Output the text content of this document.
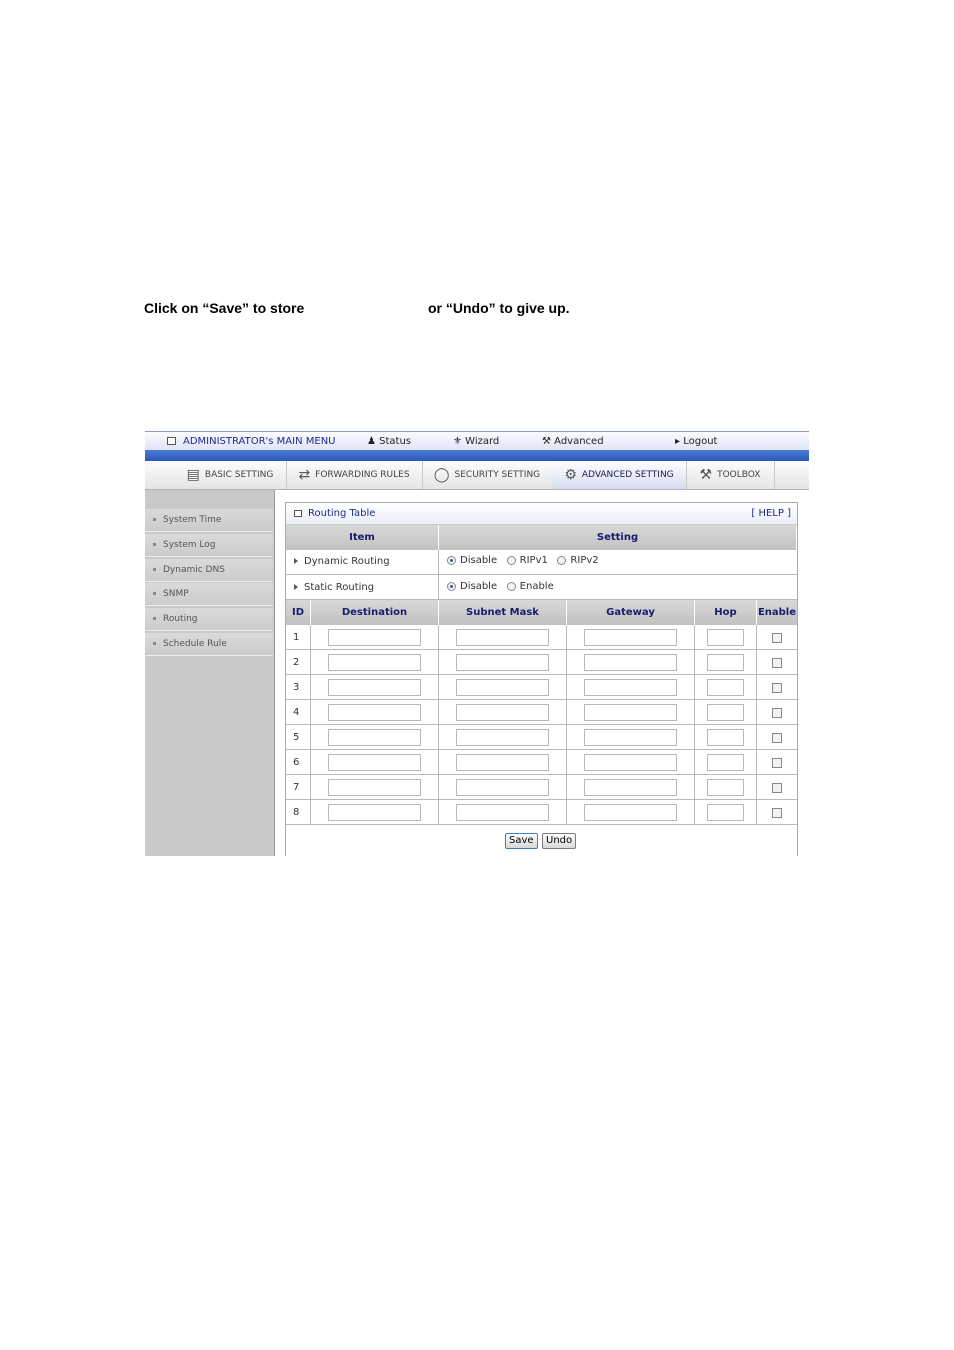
Click on “Save” to store	or “Undo” to give up.
ADMINISTRATOR's MAIN MENU	♟ Status	⚜ Wizard	⚒ Advanced	▸ Logout
▤ BASIC SETTING ⇄ FORWARDING RULES ◯ SECURITY SETTING ⚙ ADVANCED SETTING ⚒ TOOLBOX
System Time
System Log
Dynamic DNS
SNMP
Routing
Schedule Rule
Routing Table	[ HELP ]
Item	Setting
Dynamic Routing	Disable RIPv1 RIPv2
Static Routing	Disable Enable
ID	Destination	Subnet Mask	Gateway	Hop	Enable
1
2
3
4
5
6
7
8
Save	Undo
